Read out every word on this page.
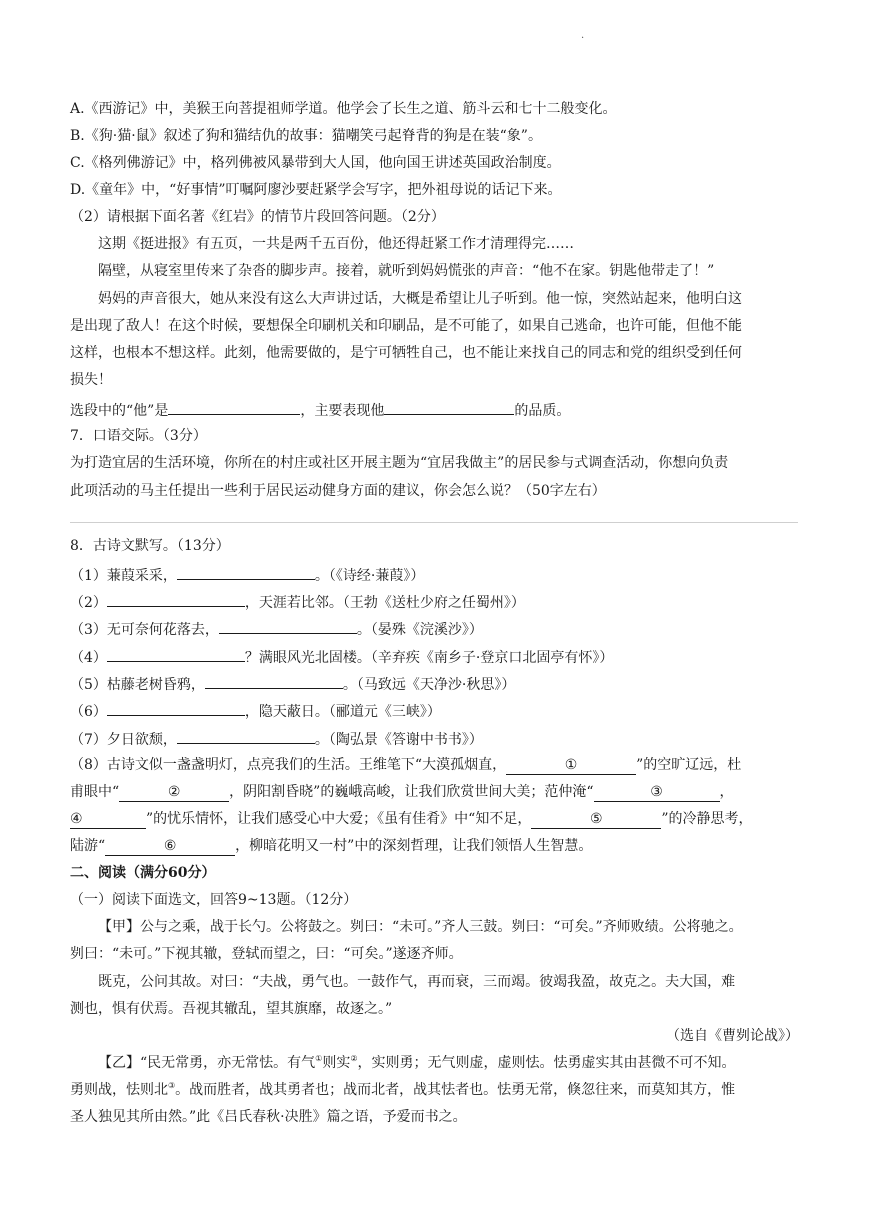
.
A.《西游记》中，美猴王向菩提祖师学道。他学会了长生之道、筋斗云和七十二般变化。
B.《狗·猫·鼠》叙述了狗和猫结仇的故事：猫嘲笑弓起脊背的狗是在装“象”。
C.《格列佛游记》中，格列佛被风暴带到大人国，他向国王讲述英国政治制度。
D.《童年》中，“好事情”叮嘱阿廖沙要赶紧学会写字，把外祖母说的话记下来。
（2）请根据下面名著《红岩》的情节片段回答问题。（2分）
这期《挺进报》有五页，一共是两千五百份，他还得赶紧工作才清理得完……
隔壁，从寝室里传来了杂沓的脚步声。接着，就听到妈妈慌张的声音：“他不在家。钥匙他带走了！”
妈妈的声音很大，她从来没有这么大声讲过话，大概是希望让儿子听到。他一惊，突然站起来，他明白这
是出现了敌人！在这个时候，要想保全印刷机关和印刷品，是不可能了，如果自己逃命，也许可能，但他不能
这样，也根本不想这样。此刻，他需要做的，是宁可牺牲自己，也不能让来找自己的同志和党的组织受到任何
损失！
选段中的“他”是	，主要表现他	的品质。
7．口语交际。（3分）
为打造宜居的生活环境，你所在的村庄或社区开展主题为“宜居我做主”的居民参与式调查活动，你想向负责
此项活动的马主任提出一些利于居民运动健身方面的建议，你会怎么说？（50字左右）
8．古诗文默写。（13分）
（1）蒹葭采采，	。（《诗经·蒹葭》）
（2）	，天涯若比邻。（王勃《送杜少府之任蜀州》）
（3）无可奈何花落去，	。（晏殊《浣溪沙》）
（4）	？满眼风光北固楼。（辛弃疾《南乡子·登京口北固亭有怀》）
（5）枯藤老树昏鸦，	。（马致远《天净沙·秋思》）
（6）	，隐天蔽日。（郦道元《三峡》）
（7）夕日欲颓，	。（陶弘景《答谢中书书》）
（8）古诗文似一盏盏明灯，点亮我们的生活。王维笔下“大漠孤烟直，	①	”的空旷辽远，杜
甫眼中“	②	，阴阳割昏晓”的巍峨高峻，让我们欣赏世间大美；范仲淹“	③	，
④	”的忧乐情怀，让我们感受心中大爱；《虽有佳肴》中“知不足，	⑤	”的冷静思考，
陆游“	⑥	，柳暗花明又一村”中的深刻哲理，让我们领悟人生智慧。
二、阅读（满分60分）
（一）阅读下面选文，回答9~13题。（12分）
【甲】公与之乘，战于长勺。公将鼓之。刿曰：“未可。”齐人三鼓。刿曰：“可矣。”齐师败绩。公将驰之。
刿曰：“未可。”下视其辙，登轼而望之，曰：“可矣。”遂逐齐师。
既克，公问其故。对曰：“夫战，勇气也。一鼓作气，再而衰，三而竭。彼竭我盈，故克之。夫大国，难
测也，惧有伏焉。吾视其辙乱，望其旗靡，故逐之。”
（选自《曹刿论战》）
【乙】“民无常勇，亦无常怯。有气①则实②，实则勇；无气则虚，虚则怯。怯勇虚实其由甚微不可不知。
勇则战，怯则北③。战而胜者，战其勇者也；战而北者，战其怯者也。怯勇无常，倏忽往来，而莫知其方，惟
圣人独见其所由然。”此《吕氏春秋·决胜》篇之语，予爱而书之。
